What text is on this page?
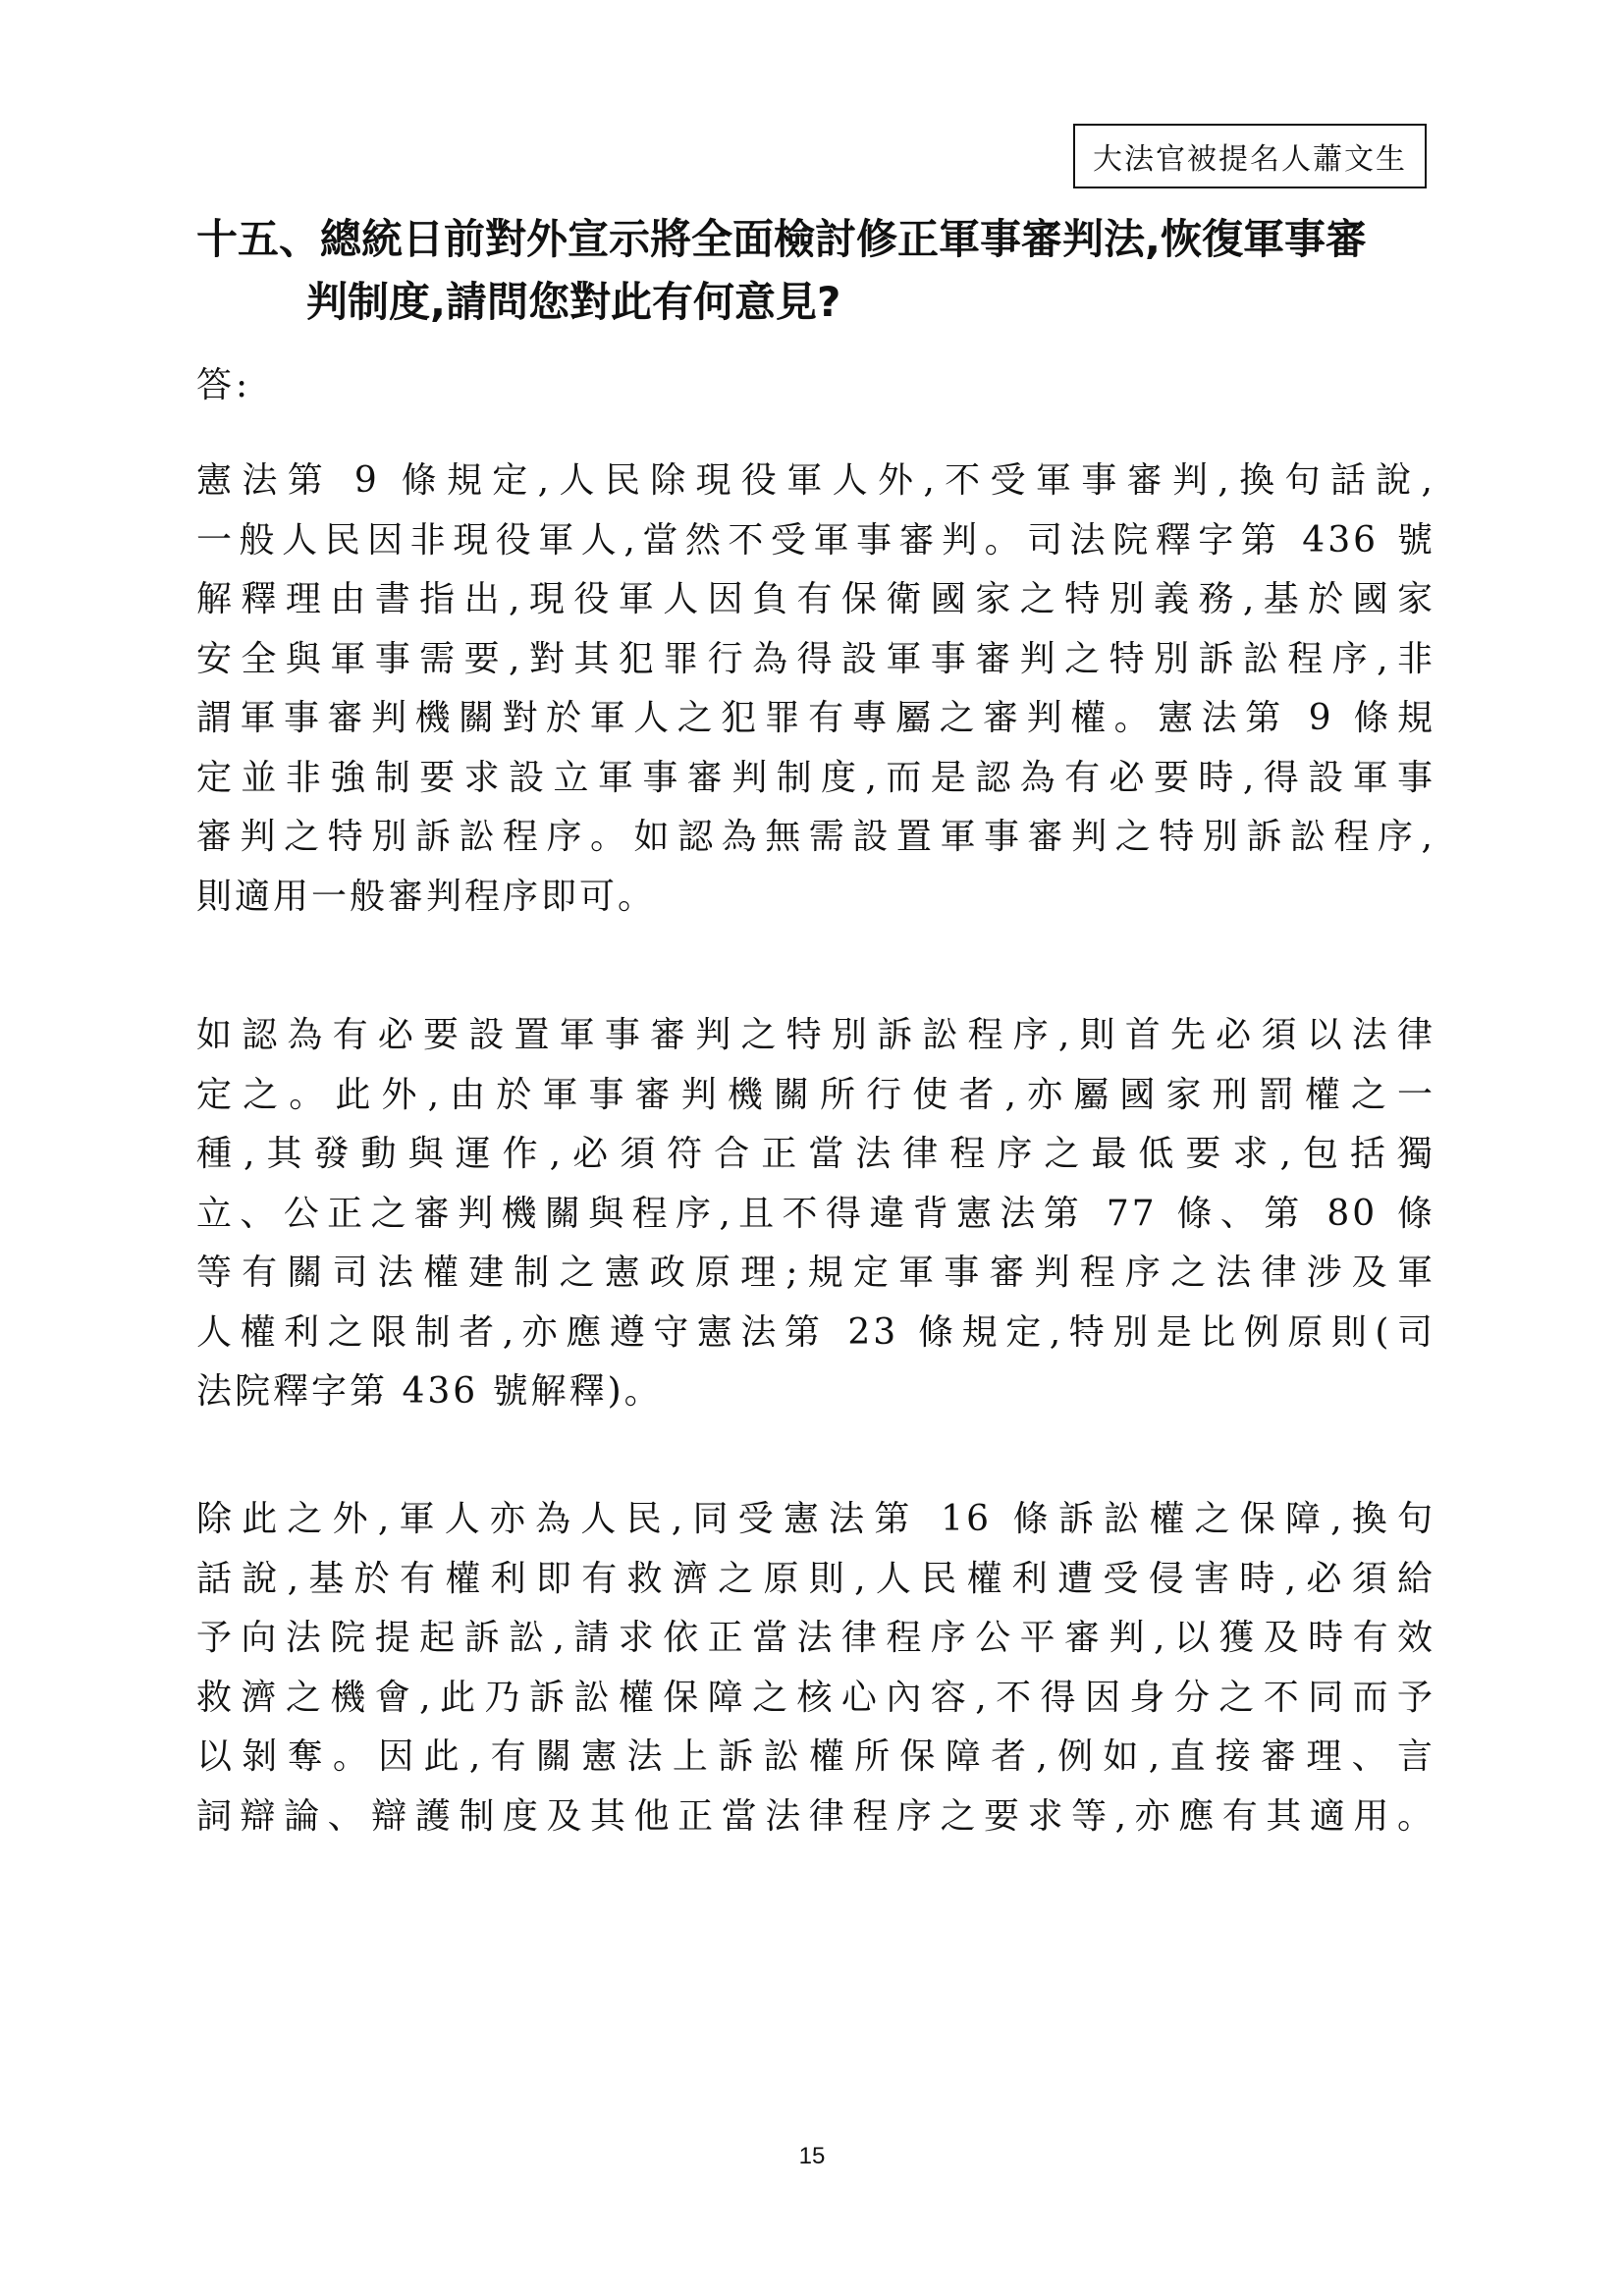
大法官被提名人蕭文生
十五、總統日前對外宣示將全面檢討修正軍事審判法,恢復軍事審
判制度,請問您對此有何意見?
答:
憲法第 9 條規定,人民除現役軍人外,不受軍事審判,換句話說,
一般人民因非現役軍人,當然不受軍事審判。司法院釋字第 436 號
解釋理由書指出,現役軍人因負有保衛國家之特別義務,基於國家
安全與軍事需要,對其犯罪行為得設軍事審判之特別訴訟程序,非
謂軍事審判機關對於軍人之犯罪有專屬之審判權。憲法第 9 條規
定並非強制要求設立軍事審判制度,而是認為有必要時,得設軍事
審判之特別訴訟程序。如認為無需設置軍事審判之特別訴訟程序,
則適用一般審判程序即可。
如認為有必要設置軍事審判之特別訴訟程序,則首先必須以法律
定之。此外,由於軍事審判機關所行使者,亦屬國家刑罰權之一
種,其發動與運作,必須符合正當法律程序之最低要求,包括獨
立、公正之審判機關與程序,且不得違背憲法第 77 條、第 80 條
等有關司法權建制之憲政原理;規定軍事審判程序之法律涉及軍
人權利之限制者,亦應遵守憲法第 23 條規定,特別是比例原則(司
法院釋字第 436 號解釋)。
除此之外,軍人亦為人民,同受憲法第 16 條訴訟權之保障,換句
話說,基於有權利即有救濟之原則,人民權利遭受侵害時,必須給
予向法院提起訴訟,請求依正當法律程序公平審判,以獲及時有效
救濟之機會,此乃訴訟權保障之核心內容,不得因身分之不同而予
以剝奪。因此,有關憲法上訴訟權所保障者,例如,直接審理、言
詞辯論、辯護制度及其他正當法律程序之要求等,亦應有其適用。
15
